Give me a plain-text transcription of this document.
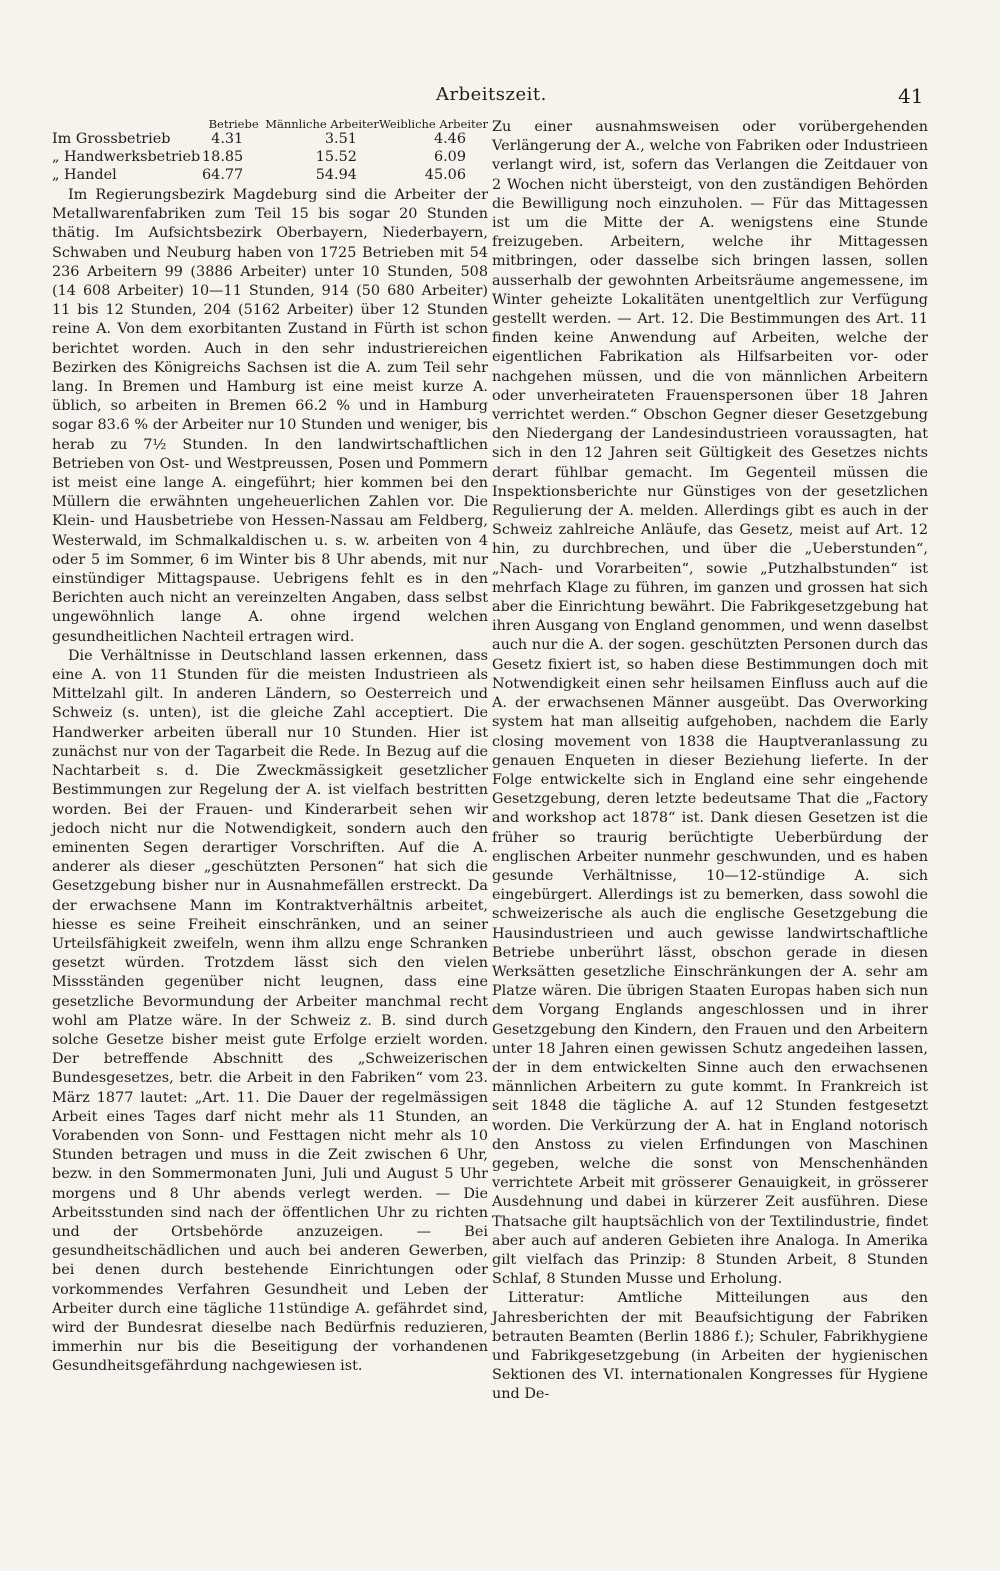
Arbeitszeit.	41
	Betriebe	Männliche Arbeiter	Weibliche Arbeiter
Im Grossbetrieb	4.31	3.51	4.46
„ Handwerksbetrieb	18.85	15.52	6.09
„ Handel	64.77	54.94	45.06

Im Regierungsbezirk Magdeburg sind die Arbeiter der Metallwarenfabriken zum Teil 15 bis sogar 20 Stunden thätig. Im Aufsichtsbezirk Oberbayern, Niederbayern, Schwaben und Neuburg haben von 1725 Betrieben mit 54 236 Arbeitern 99 (3886 Arbeiter) unter 10 Stunden, 508 (14 608 Arbeiter) 10—11 Stunden, 914 (50 680 Arbeiter) 11 bis 12 Stunden, 204 (5162 Arbeiter) über 12 Stunden reine A. Von dem exorbitanten Zustand in Fürth ist schon berichtet worden. Auch in den sehr industriereichen Bezirken des Königreichs Sachsen ist die A. zum Teil sehr lang. In Bremen und Hamburg ist eine meist kurze A. üblich, so arbeiten in Bremen 66.2 % und in Hamburg sogar 83.6 % der Arbeiter nur 10 Stunden und weniger, bis herab zu 7½ Stunden. In den landwirtschaftlichen Betrieben von Ost- und Westpreussen, Posen und Pommern ist meist eine lange A. eingeführt; hier kommen bei den Müllern die erwähnten ungeheuerlichen Zahlen vor. Die Klein- und Hausbetriebe von Hessen-Nassau am Feldberg, Westerwald, im Schmalkaldischen u. s. w. arbeiten von 4 oder 5 im Sommer, 6 im Winter bis 8 Uhr abends, mit nur einstündiger Mittagspause. Uebrigens fehlt es in den Berichten auch nicht an vereinzelten Angaben, dass selbst ungewöhnlich lange A. ohne irgend welchen gesundheitlichen Nachteil ertragen wird.

Die Verhältnisse in Deutschland lassen erkennen, dass eine A. von 11 Stunden für die meisten Industrieen als Mittelzahl gilt. In anderen Ländern, so Oesterreich und Schweiz (s. unten), ist die gleiche Zahl acceptiert. Die Handwerker arbeiten überall nur 10 Stunden. Hier ist zunächst nur von der Tagarbeit die Rede. In Bezug auf die Nachtarbeit s. d. Die Zweckmässigkeit gesetzlicher Bestimmungen zur Regelung der A. ist vielfach bestritten worden. Bei der Frauen- und Kinderarbeit sehen wir jedoch nicht nur die Notwendigkeit, sondern auch den eminenten Segen derartiger Vorschriften. Auf die A. anderer als dieser „geschützten Personen“ hat sich die Gesetzgebung bisher nur in Ausnahmefällen erstreckt. Da der erwachsene Mann im Kontraktverhältnis arbeitet, hiesse es seine Freiheit einschränken, und an seiner Urteilsfähigkeit zweifeln, wenn ihm allzu enge Schranken gesetzt würden. Trotzdem lässt sich den vielen Missständen gegenüber nicht leugnen, dass eine gesetzliche Bevormundung der Arbeiter manchmal recht wohl am Platze wäre. In der Schweiz z. B. sind durch solche Gesetze bisher meist gute Erfolge erzielt worden. Der betreffende Abschnitt des „Schweizerischen Bundesgesetzes, betr. die Arbeit in den Fabriken“ vom 23. März 1877 lautet: „Art. 11. Die Dauer der regelmässigen Arbeit eines Tages darf nicht mehr als 11 Stunden, an Vorabenden von Sonn- und Festtagen nicht mehr als 10 Stunden betragen und muss in die Zeit zwischen 6 Uhr, bezw. in den Sommermonaten Juni, Juli und August 5 Uhr morgens und 8 Uhr abends verlegt werden. — Die Arbeitsstunden sind nach der öffentlichen Uhr zu richten und der Ortsbehörde anzuzeigen. — Bei gesundheitschädlichen und auch bei anderen Gewerben, bei denen durch bestehende Einrichtungen oder vorkommendes Verfahren Gesundheit und Leben der Arbeiter durch eine tägliche 11stündige A. gefährdet sind, wird der Bundesrat dieselbe nach Bedürfnis reduzieren, immerhin nur bis die Beseitigung der vorhandenen Gesundheitsgefährdung nachgewiesen ist.

Zu einer ausnahmsweisen oder vorübergehenden Verlängerung der A., welche von Fabriken oder Industrieen verlangt wird, ist, sofern das Verlangen die Zeitdauer von 2 Wochen nicht übersteigt, von den zuständigen Behörden die Bewilligung noch einzuholen. — Für das Mittagessen ist um die Mitte der A. wenigstens eine Stunde freizugeben. Arbeitern, welche ihr Mittagessen mitbringen, oder dasselbe sich bringen lassen, sollen ausserhalb der gewohnten Arbeitsräume angemessene, im Winter geheizte Lokalitäten unentgeltlich zur Verfügung gestellt werden. — Art. 12. Die Bestimmungen des Art. 11 finden keine Anwendung auf Arbeiten, welche der eigentlichen Fabrikation als Hilfsarbeiten vor- oder nachgehen müssen, und die von männlichen Arbeitern oder unverheirateten Frauenspersonen über 18 Jahren verrichtet werden.“ Obschon Gegner dieser Gesetzgebung den Niedergang der Landesindustrieen voraussagten, hat sich in den 12 Jahren seit Gültigkeit des Gesetzes nichts derart fühlbar gemacht. Im Gegenteil müssen die Inspektionsberichte nur Günstiges von der gesetzlichen Regulierung der A. melden. Allerdings gibt es auch in der Schweiz zahlreiche Anläufe, das Gesetz, meist auf Art. 12 hin, zu durchbrechen, und über die „Ueberstunden“, „Nach- und Vorarbeiten“, sowie „Putzhalbstunden“ ist mehrfach Klage zu führen, im ganzen und grossen hat sich aber die Einrichtung bewährt. Die Fabrikgesetzgebung hat ihren Ausgang von England genommen, und wenn daselbst auch nur die A. der sogen. geschützten Personen durch das Gesetz fixiert ist, so haben diese Bestimmungen doch mit Notwendigkeit einen sehr heilsamen Einfluss auch auf die A. der erwachsenen Männer ausgeübt. Das Overworking system hat man allseitig aufgehoben, nachdem die Early closing movement von 1838 die Hauptveranlassung zu genauen Enqueten in dieser Beziehung lieferte. In der Folge entwickelte sich in England eine sehr eingehende Gesetzgebung, deren letzte bedeutsame That die „Factory and workshop act 1878“ ist. Dank diesen Gesetzen ist die früher so traurig berüchtigte Ueberbürdung der englischen Arbeiter nunmehr geschwunden, und es haben gesunde Verhältnisse, 10—12-stündige A. sich eingebürgert. Allerdings ist zu bemerken, dass sowohl die schweizerische als auch die englische Gesetzgebung die Hausindustrieen und auch gewisse landwirtschaftliche Betriebe unberührt lässt, obschon gerade in diesen Werksätten gesetzliche Einschränkungen der A. sehr am Platze wären. Die übrigen Staaten Europas haben sich nun dem Vorgang Englands angeschlossen und in ihrer Gesetzgebung den Kindern, den Frauen und den Arbeitern unter 18 Jahren einen gewissen Schutz angedeihen lassen, der in dem entwickelten Sinne auch den erwachsenen männlichen Arbeitern zu gute kommt. In Frankreich ist seit 1848 die tägliche A. auf 12 Stunden festgesetzt worden. Die Verkürzung der A. hat in England notorisch den Anstoss zu vielen Erfindungen von Maschinen gegeben, welche die sonst von Menschenhänden verrichtete Arbeit mit grösserer Genauigkeit, in grösserer Ausdehnung und dabei in kürzerer Zeit ausführen. Diese Thatsache gilt hauptsächlich von der Textilindustrie, findet aber auch auf anderen Gebieten ihre Analoga. In Amerika gilt vielfach das Prinzip: 8 Stunden Arbeit, 8 Stunden Schlaf, 8 Stunden Musse und Erholung.

Litteratur: Amtliche Mitteilungen aus den Jahresberichten der mit Beaufsichtigung der Fabriken betrauten Beamten (Berlin 1886 f.); Schuler, Fabrikhygiene und Fabrikgesetzgebung (in Arbeiten der hygienischen Sektionen des VI. internationalen Kongresses für Hygiene und De-
